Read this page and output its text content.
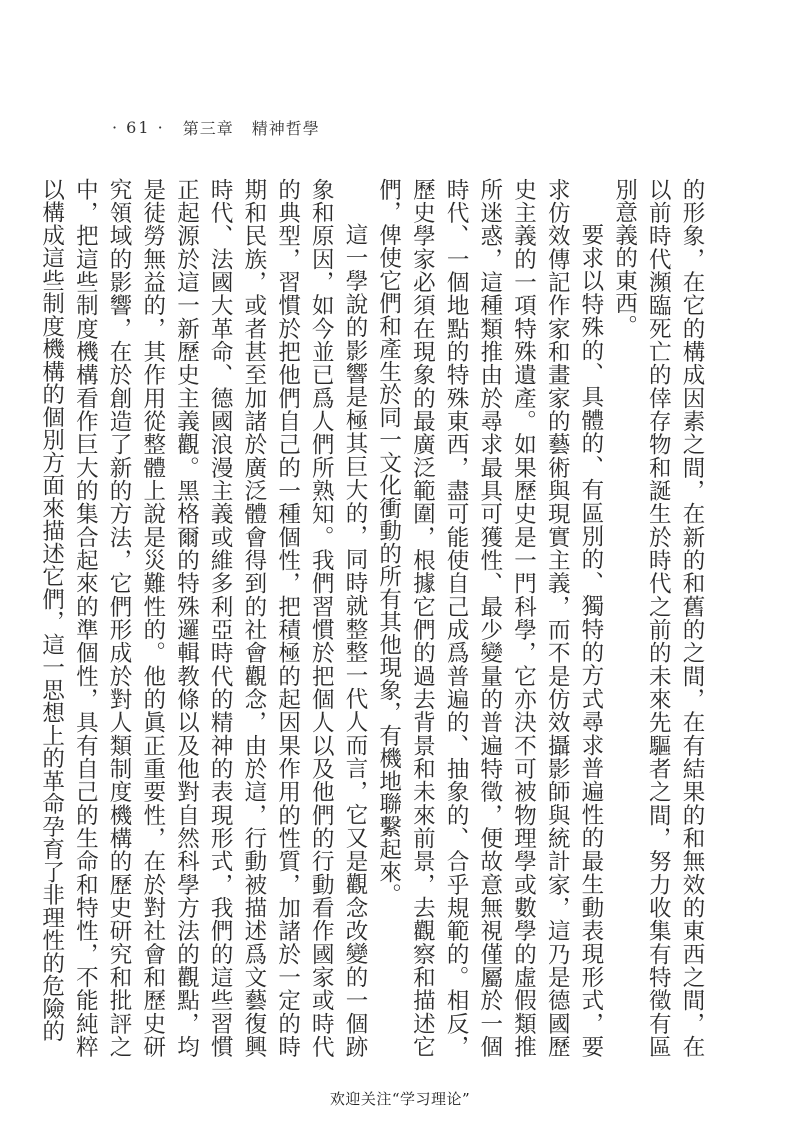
· 61 · 第三章 精神哲學

的形象，在它的構成因素之間，在新的和舊的之間，在有結果的和無效的東西之間，在以前時代瀕臨死亡的倖存物和誕生於時代之前的未來先驅者之間，努力收集有特徵有區別意義的東西。

要求以特殊的、具體的、有區別的、獨特的方式尋求普遍性的最生動表現形式，要求仿效傳記作家和畫家的藝術與現實主義，而不是仿效攝影師與統計家，這乃是德國歷史主義的一項特殊遺產。如果歷史是一門科學，它亦決不可被物理學或數學的虛假類推所迷惑，這種類推由於尋求最具可獲性、最少變量的普遍特徵，便故意無視僅屬於一個時代、一個地點的特殊東西，盡可能使自己成爲普遍的、抽象的、合乎規範的。相反，歷史學家必須在現象的最廣泛範圍，根據它們的過去背景和未來前景，去觀察和描述它們，俾使它們和產生於同一文化衝動的所有其他現象，有機地聯繫起來。

這一學說的影響是極其巨大的，同時就整整一代人而言，它又是觀念改變的一個跡象和原因，如今並已爲人們所熟知。我們習慣於把個人以及他們的行動看作國家或時代的典型，習慣於把他們自己的一種個性，把積極的起因果作用的性質，加諸於一定的時期和民族，或者甚至加諸於廣泛體會得到的社會觀念，由於這，行動被描述爲文藝復興時代、法國大革命、德國浪漫主義或維多利亞時代的精神的表現形式，我們的這些習慣正起源於這一新歷史主義觀。黑格爾的特殊邏輯教條以及他對自然科學方法的觀點，均是徒勞無益的，其作用從整體上說是災難性的。他的眞正重要性，在於對社會和歷史研究領域的影響，在於創造了新的方法，它們形成於對人類制度機構的歷史研究和批評之中，把這些制度機構看作巨大的集合起來的準個性，具有自己的生命和特性，不能純粹以構成這些制度機構的個別方面來描述它們，這一思想上的革命孕育了非理性的危險的

欢迎关注“学习理论”
